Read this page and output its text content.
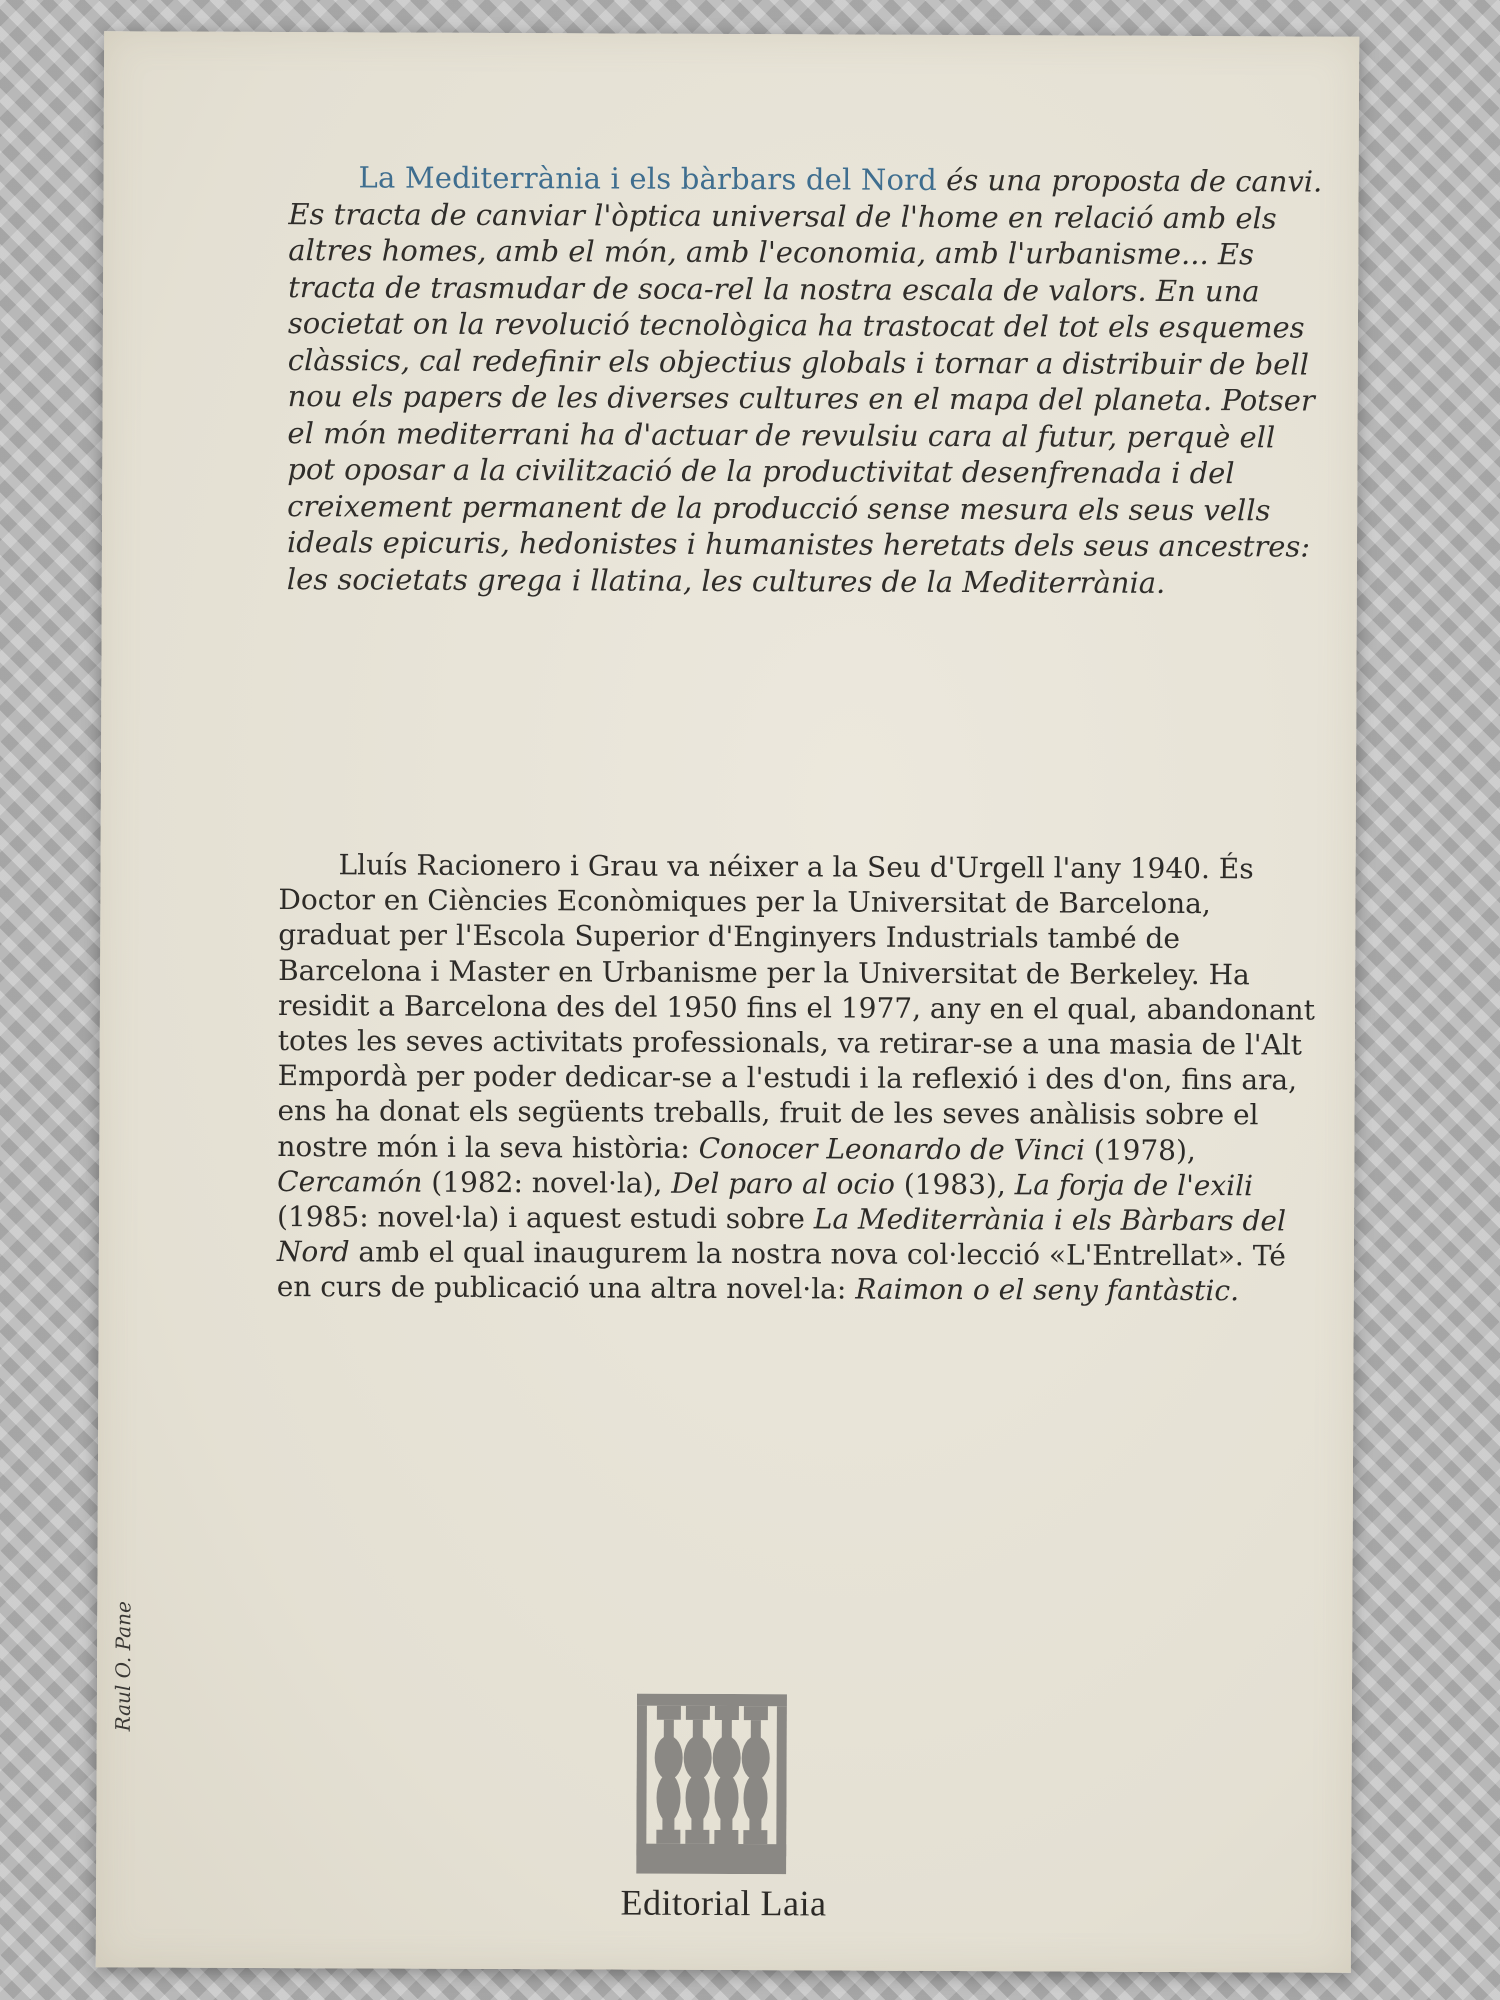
La Mediterrània i els bàrbars del Nord és una proposta de canvi. Es tracta de canviar l'òptica universal de l'home en relació amb els altres homes, amb el món, amb l'economia, amb l'urbanisme... Es tracta de trasmudar de soca-rel la nostra escala de valors. En una societat on la revolució tecnològica ha trastocat del tot els esquemes clàssics, cal redefinir els objectius globals i tornar a distribuir de bell nou els papers de les diverses cultures en el mapa del planeta. Potser el món mediterrani ha d'actuar de revulsiu cara al futur, perquè ell pot oposar a la civilització de la productivitat desenfrenada i del creixement permanent de la producció sense mesura els seus vells ideals epicuris, hedonistes i humanistes heretats dels seus ancestres: les societats grega i llatina, les cultures de la Mediterrània.

Lluís Racionero i Grau va néixer a la Seu d'Urgell l'any 1940. És Doctor en Ciències Econòmiques per la Universitat de Barcelona, graduat per l'Escola Superior d'Enginyers Industrials també de Barcelona i Master en Urbanisme per la Universitat de Berkeley. Ha residit a Barcelona des del 1950 fins el 1977, any en el qual, abandonant totes les seves activitats professionals, va retirar-se a una masia de l'Alt Empordà per poder dedicar-se a l'estudi i la reflexió i des d'on, fins ara, ens ha donat els següents treballs, fruit de les seves anàlisis sobre el nostre món i la seva història: Conocer Leonardo de Vinci (1978), Cercamón (1982: novel·la), Del paro al ocio (1983), La forja de l'exili (1985: novel·la) i aquest estudi sobre La Mediterrània i els Bàrbars del Nord amb el qual inaugurem la nostra nova col·lecció «L'Entrellat». Té en curs de publicació una altra novel·la: Raimon o el seny fantàstic.

Raul O. Pane
Editorial Laia
